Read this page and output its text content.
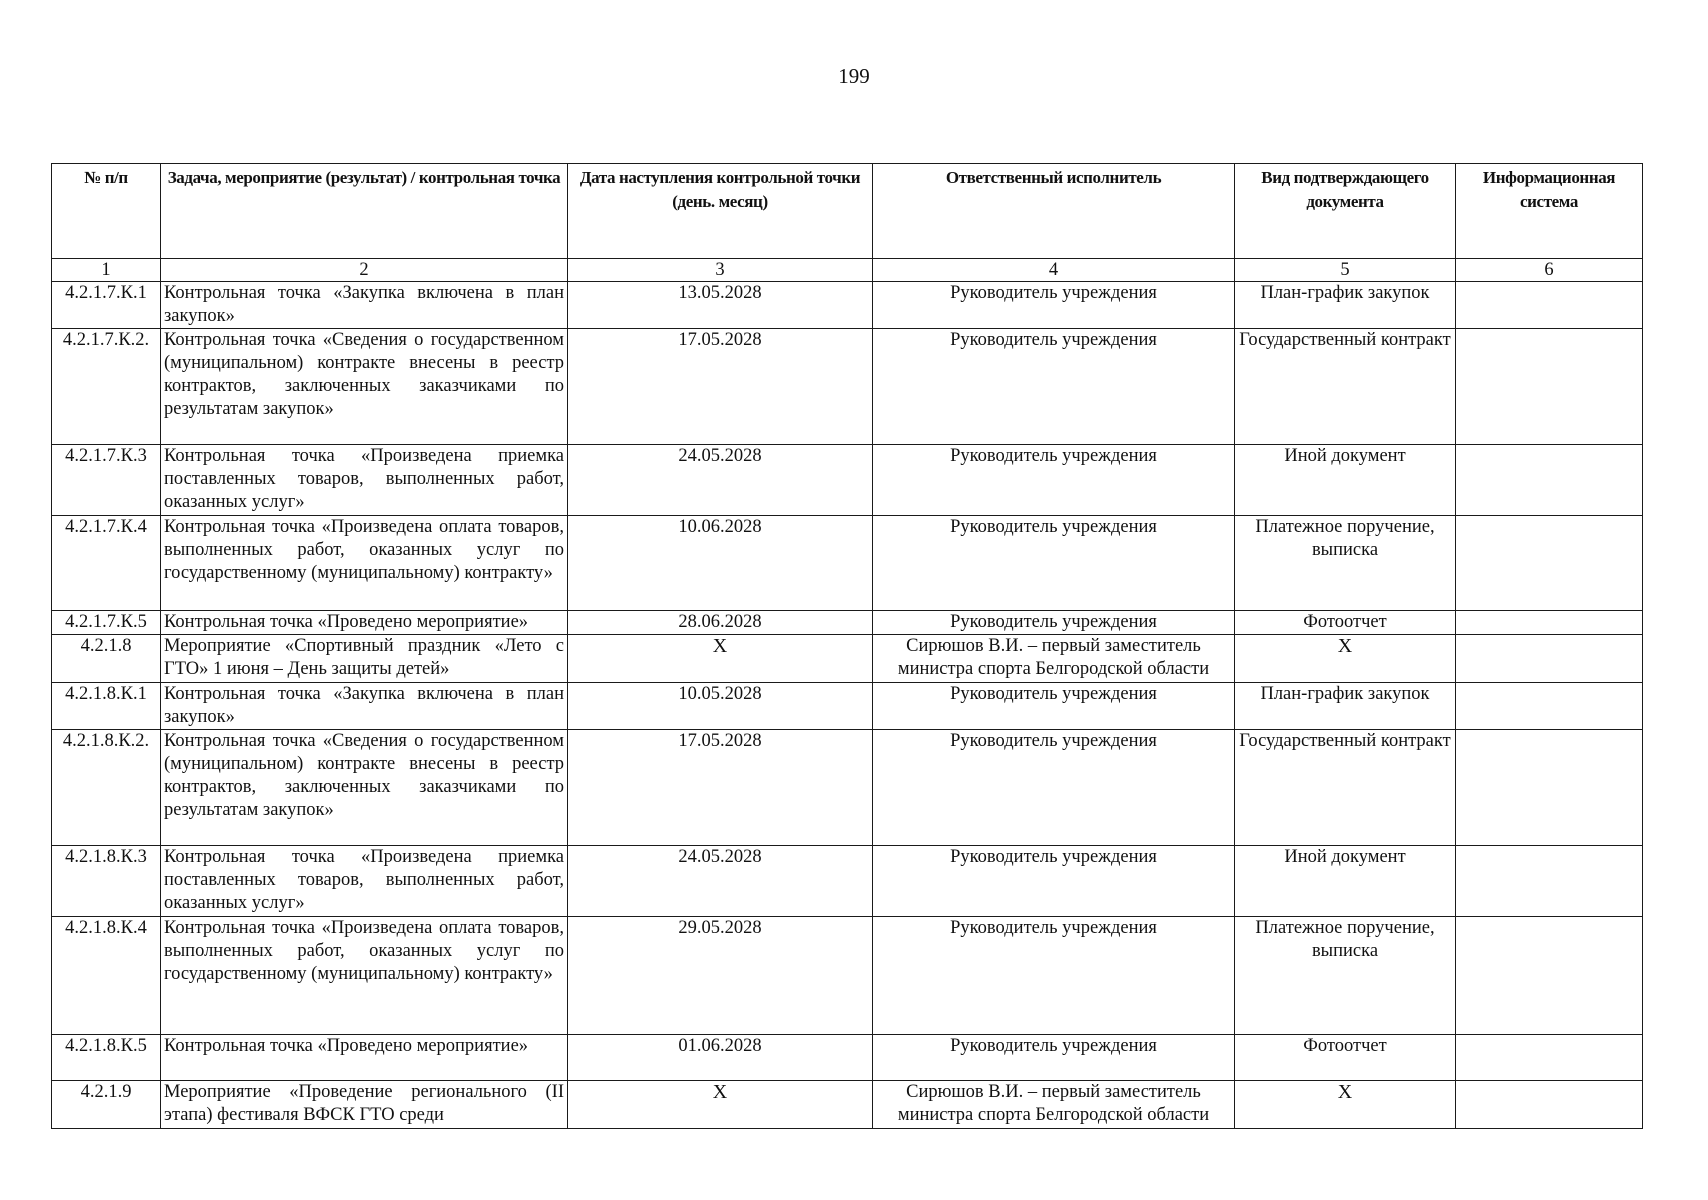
199
№ п/п	Задача, мероприятие (результат) / контрольная точка	Дата наступления контрольной точки (день. месяц)	Ответственный исполнитель	Вид подтверждающего документа	Информационная система
1	2	3	4	5	6
4.2.1.7.К.1	Контрольная точка «Закупка включена в план закупок»	13.05.2028	Руководитель учреждения	План-график закупок	
4.2.1.7.К.2.	Контрольная точка «Сведения о государственном (муниципальном) контракте внесены в реестр контрактов, заключенных заказчиками по результатам закупок»	17.05.2028	Руководитель учреждения	Государственный контракт	
4.2.1.7.К.3	Контрольная точка «Произведена приемка поставленных товаров, выполненных работ, оказанных услуг»	24.05.2028	Руководитель учреждения	Иной документ	
4.2.1.7.К.4	Контрольная точка «Произведена оплата товаров, выполненных работ, оказанных услуг по государственному (муниципальному) контракту»	10.06.2028	Руководитель учреждения	Платежное поручение, выписка	
4.2.1.7.К.5	Контрольная точка «Проведено мероприятие»	28.06.2028	Руководитель учреждения	Фотоотчет	
4.2.1.8	Мероприятие «Спортивный праздник «Лето с ГТО» 1 июня – День защиты детей»	X	Сирюшов В.И. – первый заместитель министра спорта Белгородской области	X	
4.2.1.8.К.1	Контрольная точка «Закупка включена в план закупок»	10.05.2028	Руководитель учреждения	План-график закупок	
4.2.1.8.К.2.	Контрольная точка «Сведения о государственном (муниципальном) контракте внесены в реестр контрактов, заключенных заказчиками по результатам закупок»	17.05.2028	Руководитель учреждения	Государственный контракт	
4.2.1.8.К.3	Контрольная точка «Произведена приемка поставленных товаров, выполненных работ, оказанных услуг»	24.05.2028	Руководитель учреждения	Иной документ	
4.2.1.8.К.4	Контрольная точка «Произведена оплата товаров, выполненных работ, оказанных услуг по государственному (муниципальному) контракту»	29.05.2028	Руководитель учреждения	Платежное поручение, выписка	
4.2.1.8.К.5	Контрольная точка «Проведено мероприятие»	01.06.2028	Руководитель учреждения	Фотоотчет	
4.2.1.9	Мероприятие «Проведение регионального (II этапа) фестиваля ВФСК ГТО среди	X	Сирюшов В.И. – первый заместитель министра спорта Белгородской области	X	
